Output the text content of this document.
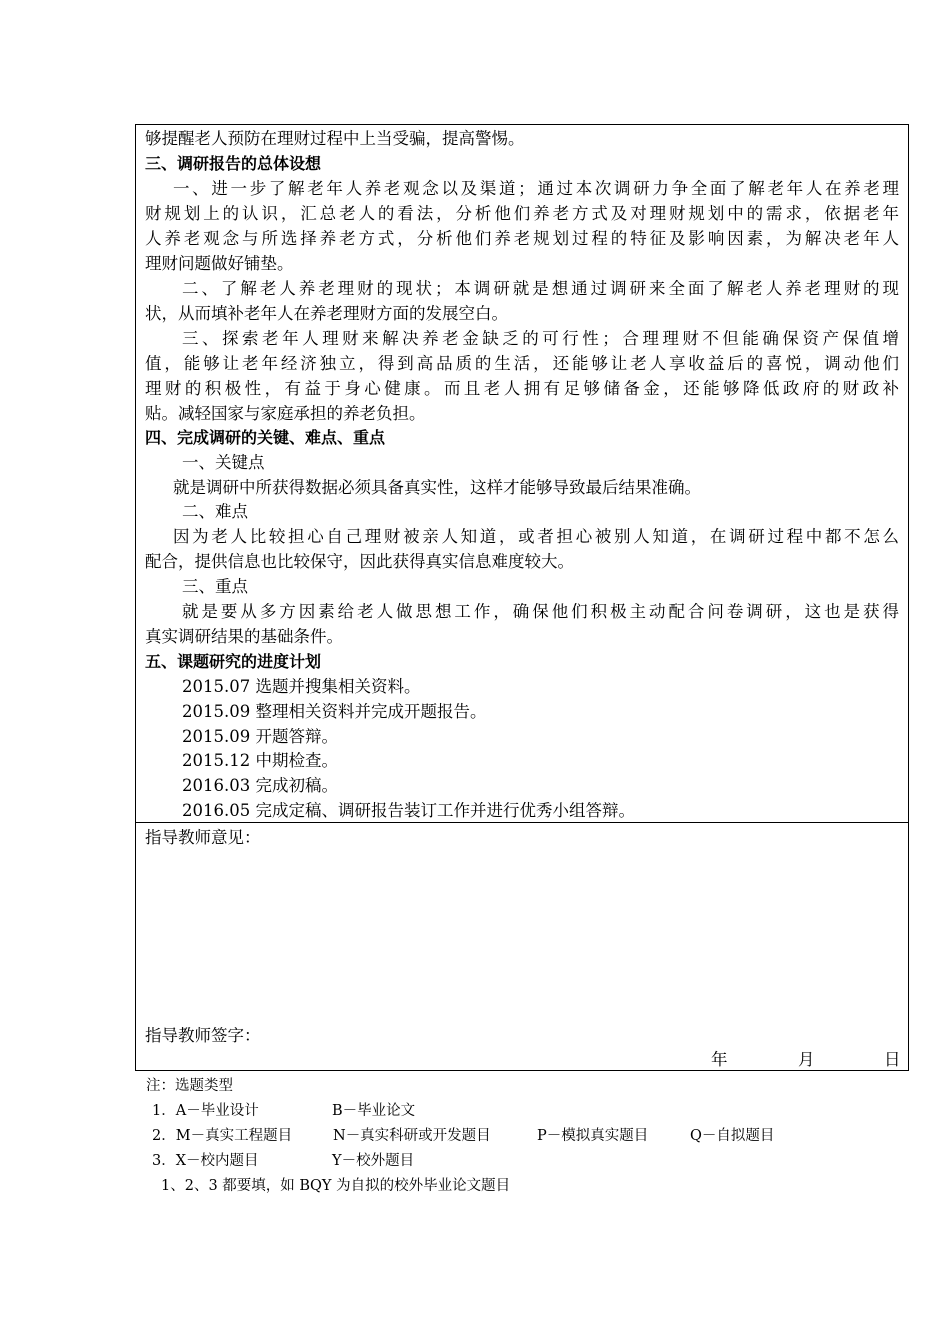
够提醒老人预防在理财过程中上当受骗，提高警惕。
三、调研报告的总体设想
一、进一步了解老年人养老观念以及渠道；通过本次调研力争全面了解老年人在养老理
财规划上的认识，汇总老人的看法，分析他们养老方式及对理财规划中的需求，依据老年
人养老观念与所选择养老方式，分析他们养老规划过程的特征及影响因素，为解决老年人
理财问题做好铺垫。
二、了解老人养老理财的现状；本调研就是想通过调研来全面了解老人养老理财的现
状，从而填补老年人在养老理财方面的发展空白。
三、探索老年人理财来解决养老金缺乏的可行性；合理理财不但能确保资产保值增
值，能够让老年经济独立，得到高品质的生活，还能够让老人享收益后的喜悦，调动他们
理财的积极性，有益于身心健康。而且老人拥有足够储备金，还能够降低政府的财政补
贴。减轻国家与家庭承担的养老负担。
四、完成调研的关键、难点、重点
一、关键点
就是调研中所获得数据必须具备真实性，这样才能够导致最后结果准确。
二、难点
因为老人比较担心自己理财被亲人知道，或者担心被别人知道，在调研过程中都不怎么
配合，提供信息也比较保守，因此获得真实信息难度较大。
三、重点
就是要从多方因素给老人做思想工作，确保他们积极主动配合问卷调研，这也是获得
真实调研结果的基础条件。
五、课题研究的进度计划
2015.07 选题并搜集相关资料。
2015.09 整理相关资料并完成开题报告。
2015.09 开题答辩。
2015.12 中期检查。
2016.03 完成初稿。
2016.05 完成定稿、调研报告装订工作并进行优秀小组答辩。
指导教师意见：
指导教师签字：
年	月	日
注：选题类型
1．A－毕业设计	B－毕业论文
2．M－真实工程题目	N－真实科研或开发题目	P－模拟真实题目	Q－自拟题目
3．X－校内题目	Y－校外题目
1、2、3 都要填，如 BQY 为自拟的校外毕业论文题目
